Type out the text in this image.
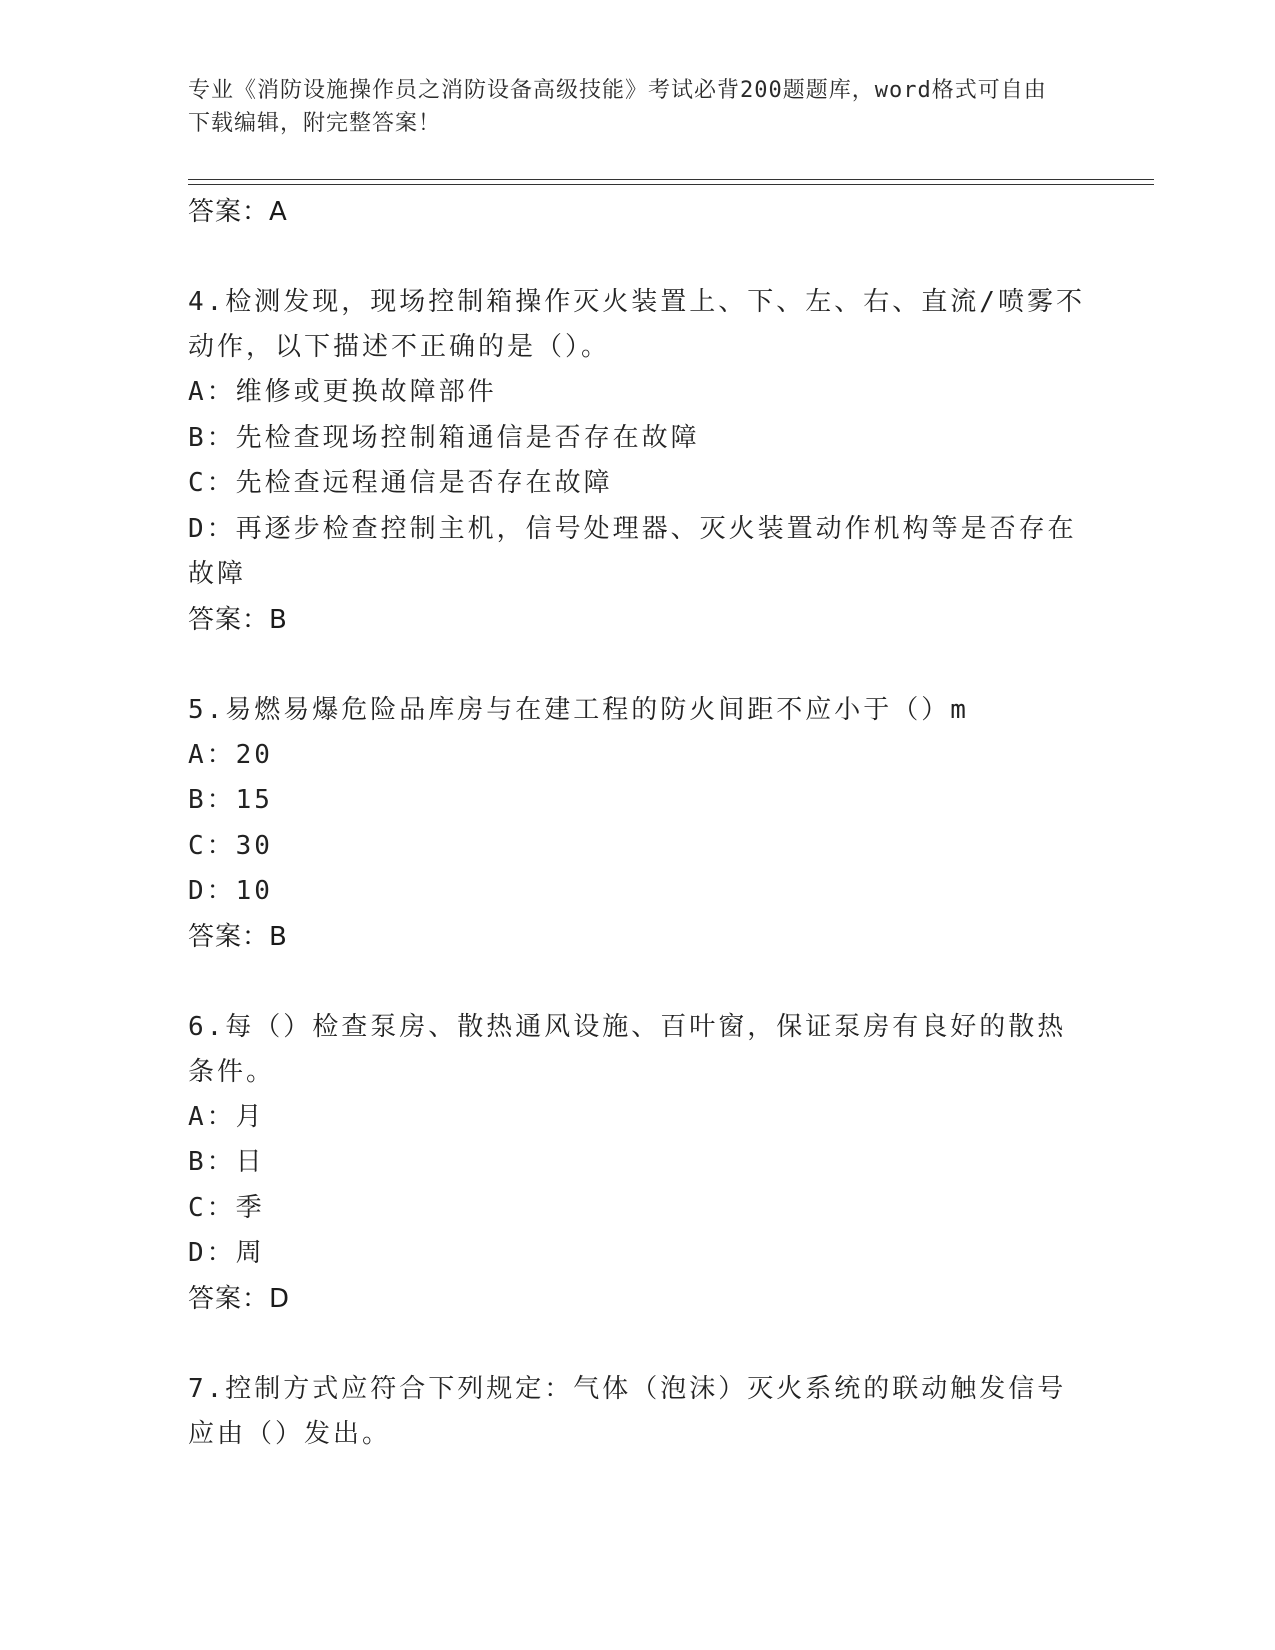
专业《消防设施操作员之消防设备高级技能》考试必背200题题库，word格式可自由下载编辑，附完整答案！
答案：A

4.检测发现，现场控制箱操作灭火装置上、下、左、右、直流/喷雾不动作，以下描述不正确的是（）。

A：维修或更换故障部件

B：先检查现场控制箱通信是否存在故障

C：先检查远程通信是否存在故障

D：再逐步检查控制主机，信号处理器、灭火装置动作机构等是否存在故障

答案：B

5.易燃易爆危险品库房与在建工程的防火间距不应小于（）m

A：20

B：15

C：30

D：10

答案：B

6.每（）检查泵房、散热通风设施、百叶窗，保证泵房有良好的散热条件。

A：月

B：日

C：季

D：周

答案：D

7.控制方式应符合下列规定：气体（泡沫）灭火系统的联动触发信号应由（）发出。
